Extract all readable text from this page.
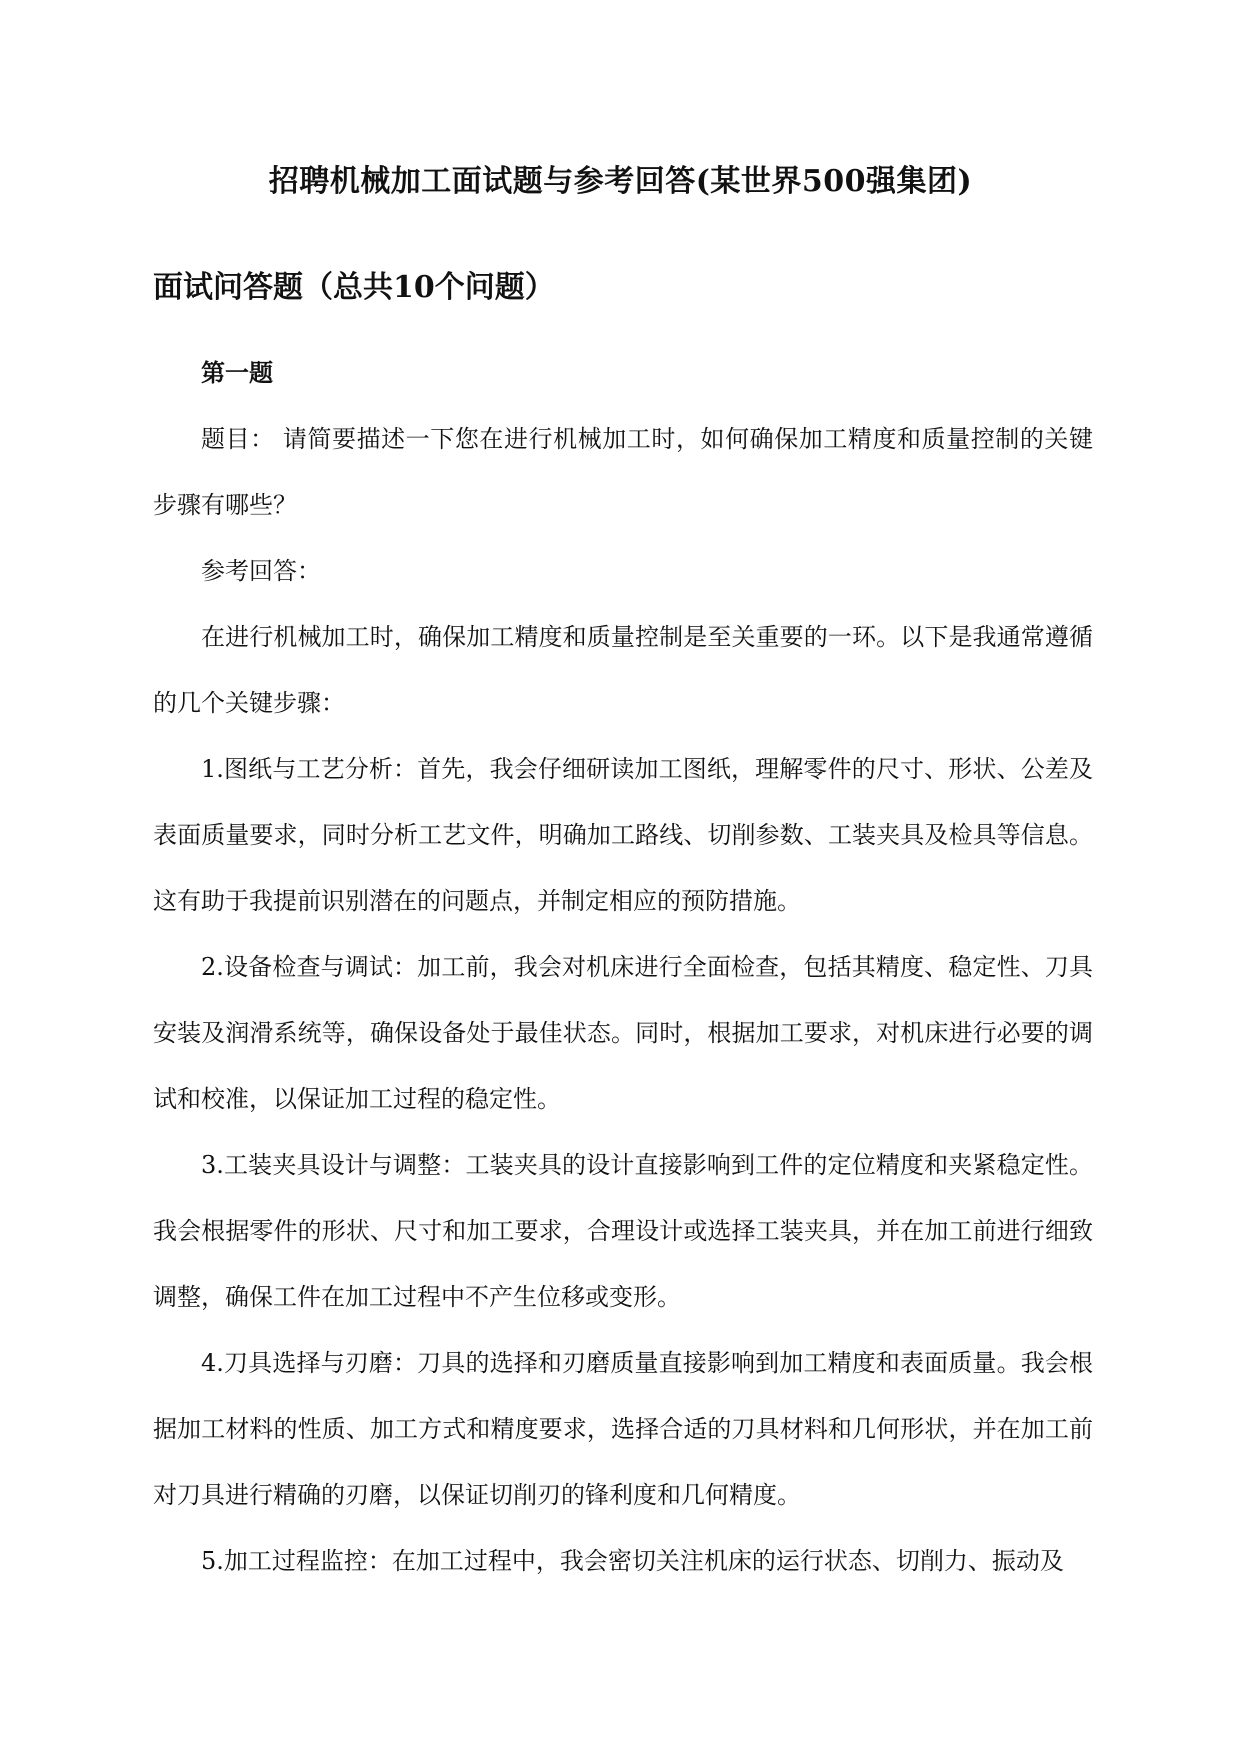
招聘机械加工面试题与参考回答(某世界500强集团)
面试问答题（总共10个问题）

第一题

题目： 请简要描述一下您在进行机械加工时，如何确保加工精度和质量控制的关键步骤有哪些？

参考回答：

在进行机械加工时，确保加工精度和质量控制是至关重要的一环。以下是我通常遵循的几个关键步骤：

1.图纸与工艺分析：首先，我会仔细研读加工图纸，理解零件的尺寸、形状、公差及表面质量要求，同时分析工艺文件，明确加工路线、切削参数、工装夹具及检具等信息。这有助于我提前识别潜在的问题点，并制定相应的预防措施。

2.设备检查与调试：加工前，我会对机床进行全面检查，包括其精度、稳定性、刀具安装及润滑系统等，确保设备处于最佳状态。同时，根据加工要求，对机床进行必要的调试和校准，以保证加工过程的稳定性。

3.工装夹具设计与调整：工装夹具的设计直接影响到工件的定位精度和夹紧稳定性。我会根据零件的形状、尺寸和加工要求，合理设计或选择工装夹具，并在加工前进行细致调整，确保工件在加工过程中不产生位移或变形。

4.刀具选择与刃磨：刀具的选择和刃磨质量直接影响到加工精度和表面质量。我会根据加工材料的性质、加工方式和精度要求，选择合适的刀具材料和几何形状，并在加工前对刀具进行精确的刃磨，以保证切削刃的锋利度和几何精度。

5.加工过程监控：在加工过程中，我会密切关注机床的运行状态、切削力、振动及
